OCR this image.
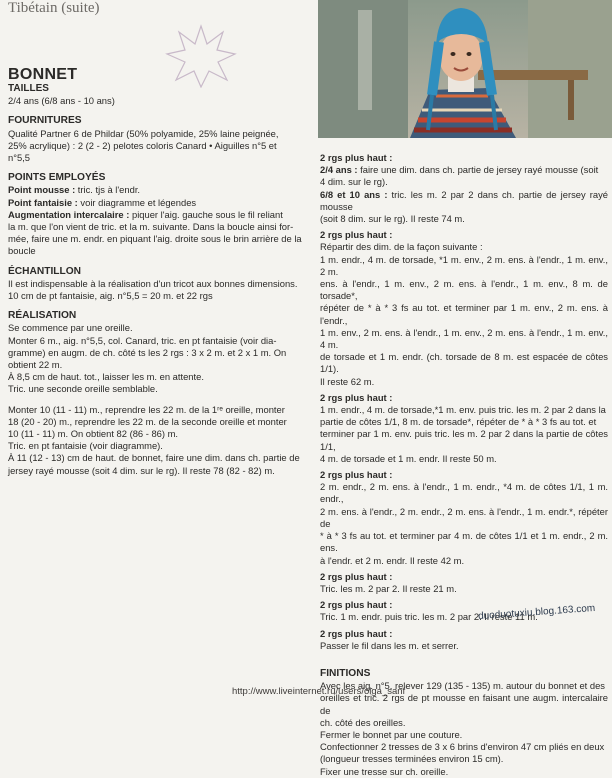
Tibétain (suite)

BONNET

TAILLES

2/4 ans (6/8 ans - 10 ans)

FOURNITURES

Qualité Partner 6 de Phildar (50% polyamide, 25% laine peignée,

25% acrylique) : 2 (2 - 2) pelotes coloris Canard • Aiguilles n°5 et

n°5,5

POINTS EMPLOYÉS

Point mousse : tric. tjs à l'endr.

Point fantaisie : voir diagramme et légendes

Augmentation intercalaire : piquer l'aig. gauche sous le fil reliant

la m. que l'on vient de tric. et la m. suivante. Dans la boucle ainsi for-

mée, faire une m. endr. en piquant l'aig. droite sous le brin arrière de la

boucle

ÉCHANTILLON

Il est indispensable à la réalisation d'un tricot aux bonnes dimensions.

10 cm de pt fantaisie, aig. n°5,5 = 20 m. et 22 rgs

RÉALISATION

Se commence par une oreille.

Monter 6 m., aig. n°5,5, col. Canard, tric. en pt fantaisie (voir dia-

gramme) en augm. de ch. côté ts les 2 rgs : 3 x 2 m. et 2 x 1 m. On

obtient 22 m.

À 8,5 cm de haut. tot., laisser les m. en attente.

Tric. une seconde oreille semblable.

Monter 10 (11 - 11) m., reprendre les 22 m. de la 1ʳᵉ oreille, monter

18 (20 - 20) m., reprendre les 22 m. de la seconde oreille et monter

10 (11 - 11) m. On obtient 82 (86 - 86) m.

Tric. en pt fantaisie (voir diagramme).

À 11 (12 - 13) cm de haut. de bonnet, faire une dim. dans ch. partie de

jersey rayé mousse (soit 4 dim. sur le rg). Il reste 78 (82 - 82) m.

2 rgs plus haut :

2/4 ans : faire une dim. dans ch. partie de jersey rayé mousse (soit

4 dim. sur le rg).

6/8 et 10 ans : tric. les m. 2 par 2 dans ch. partie de jersey rayé mousse

(soit 8 dim. sur le rg). Il reste 74 m.

2 rgs plus haut :

Répartir des dim. de la façon suivante :

1 m. endr., 4 m. de torsade, *1 m. env., 2 m. ens. à l'endr., 1 m. env., 2 m.

ens. à l'endr., 1 m. env., 2 m. ens. à l'endr., 1 m. env., 8 m. de torsade*,

répéter de * à * 3 fs au tot. et terminer par 1 m. env., 2 m. ens. à l'endr.,

1 m. env., 2 m. ens. à l'endr., 1 m. env., 2 m. ens. à l'endr., 1 m. env., 4 m.

de torsade et 1 m. endr. (ch. torsade de 8 m. est espacée de côtes 1/1).

Il reste 62 m.

2 rgs plus haut :

1 m. endr., 4 m. de torsade,*1 m. env. puis tric. les m. 2 par 2 dans la

partie de côtes 1/1, 8 m. de torsade*, répéter de * à * 3 fs au tot. et

terminer par 1 m. env. puis tric. les m. 2 par 2 dans la partie de côtes 1/1,

4 m. de torsade et 1 m. endr. Il reste 50 m.

2 rgs plus haut :

2 m. endr., 2 m. ens. à l'endr., 1 m. endr., *4 m. de côtes 1/1, 1 m. endr.,

2 m. ens. à l'endr., 2 m. endr., 2 m. ens. à l'endr., 1 m. endr.*, répéter de

* à * 3 fs au tot. et terminer par 4 m. de côtes 1/1 et 1 m. endr., 2 m. ens.

à l'endr. et 2 m. endr. Il reste 42 m.

2 rgs plus haut :

Tric. les m. 2 par 2. Il reste 21 m.

2 rgs plus haut :

Tric. 1 m. endr. puis tric. les m. 2 par 2. Il reste 11 m.

2 rgs plus haut :

Passer le fil dans les m. et serrer.

FINITIONS

Avec les aig. n°5, relever 129 (135 - 135) m. autour du bonnet et des

oreilles et tric. 2 rgs de pt mousse en faisant une augm. intercalaire de

ch. côté des oreilles.

Fermer le bonnet par une couture.

Confectionner 2 tresses de 3 x 6 brins d'environ 47 cm pliés en deux

(longueur tresses terminées environ 15 cm).

Fixer une tresse sur ch. oreille.

duoduotuxiu.blog.163.com
http://www.liveinternet.ru/users/olga_sanf
